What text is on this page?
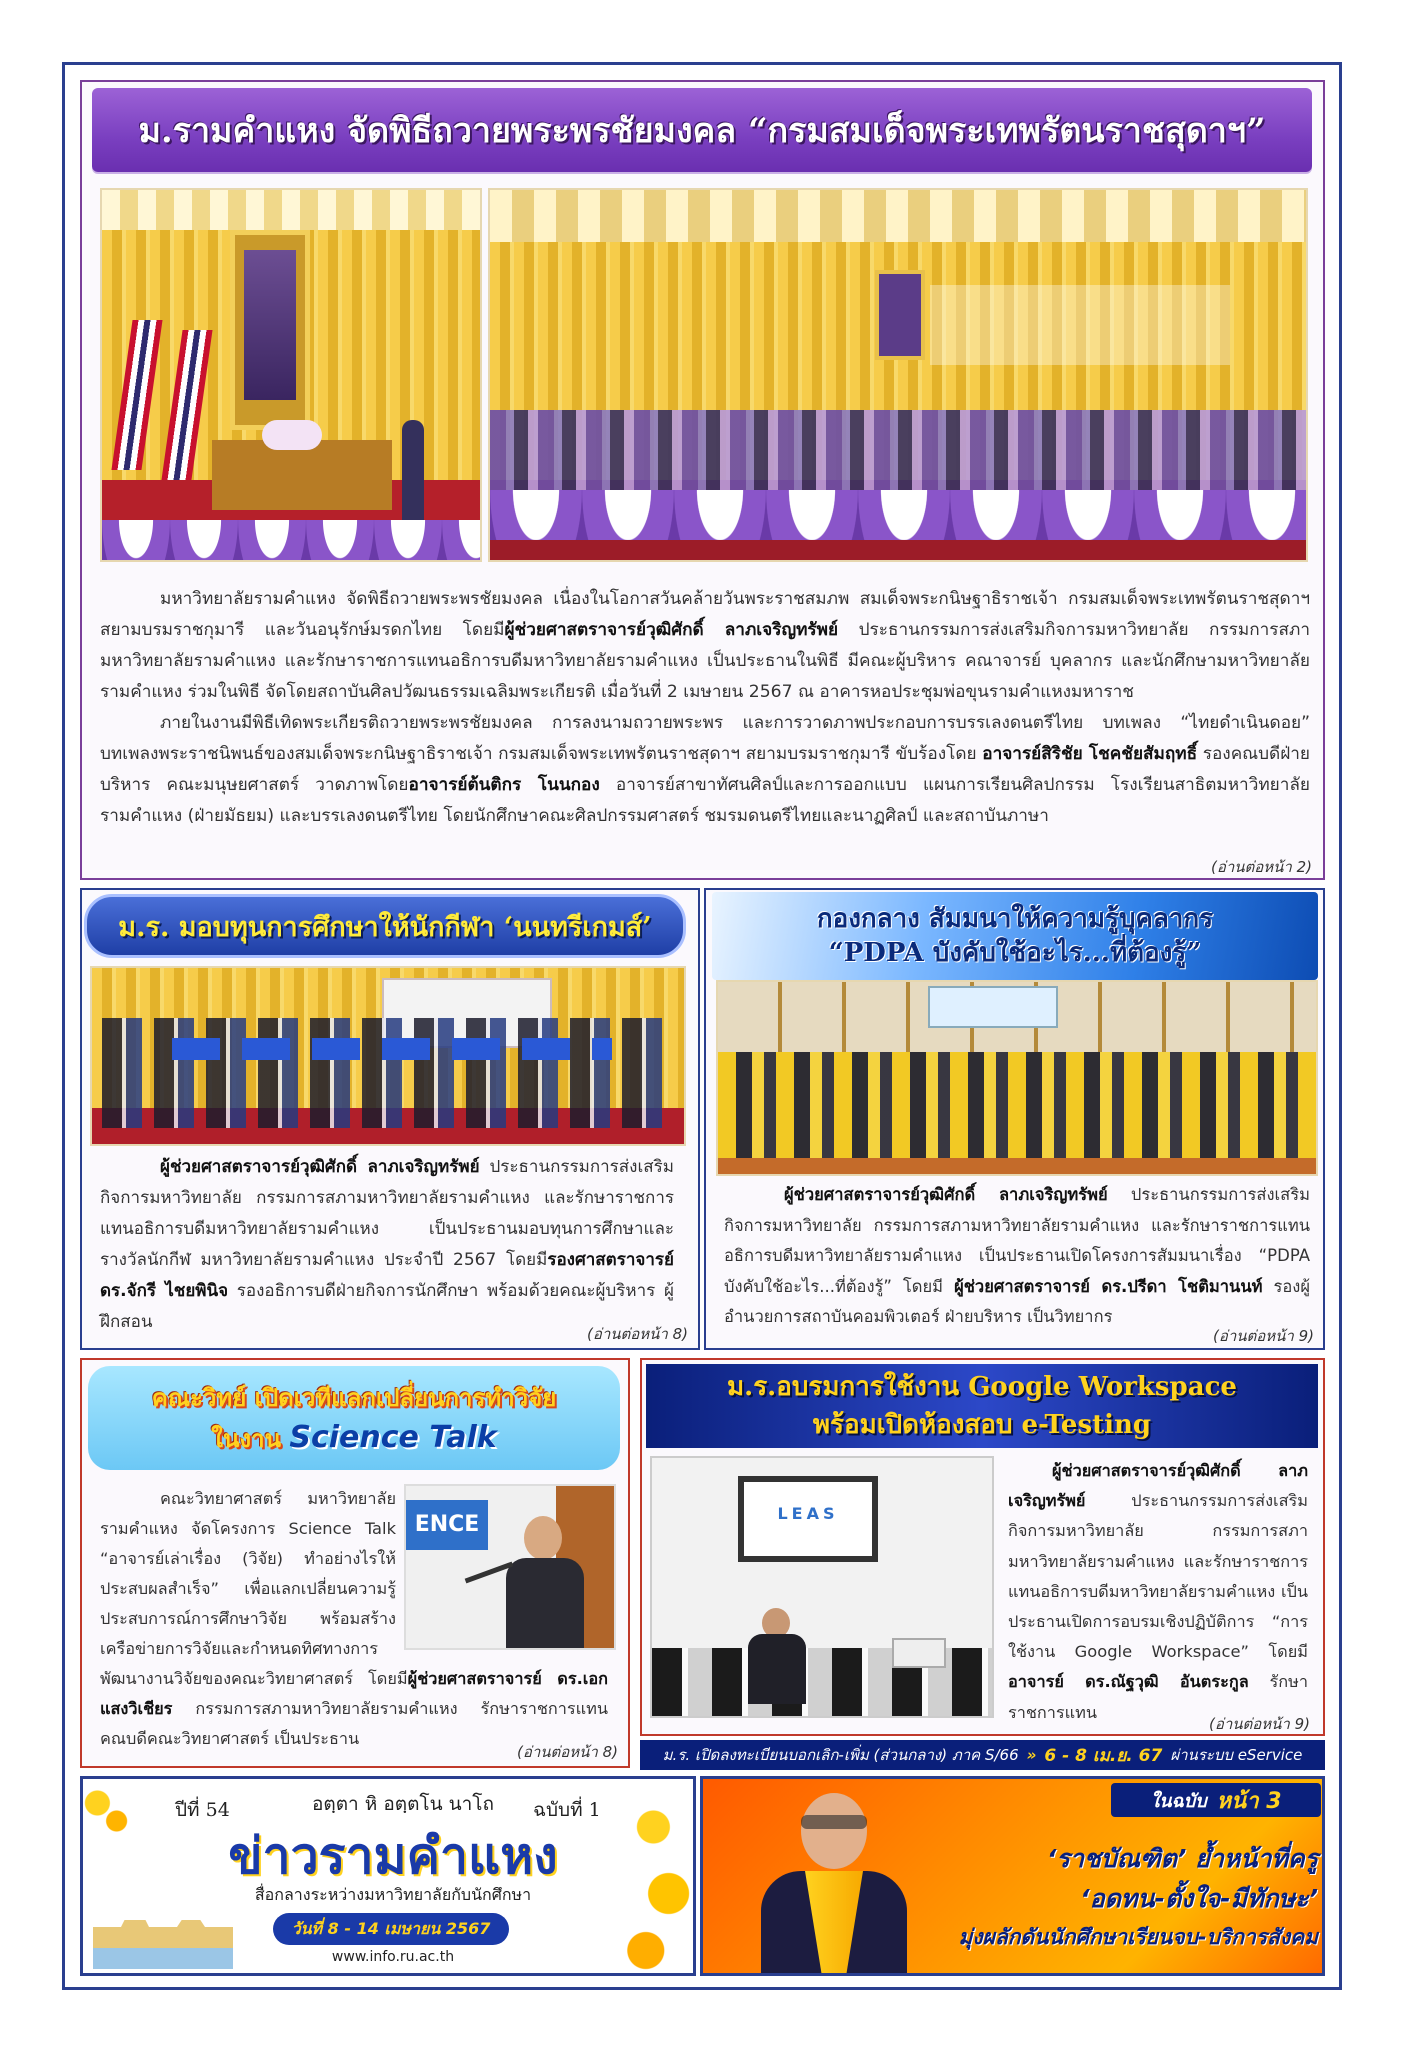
ม.รามคำแหง จัดพิธีถวายพระพรชัยมงคล “กรมสมเด็จพระเทพรัตนราชสุดาฯ”

มหาวิทยาลัยรามคำแหง จัดพิธีถวายพระพรชัยมงคล เนื่องในโอกาสวันคล้ายวันพระราชสมภพ สมเด็จพระกนิษฐาธิราชเจ้า กรมสมเด็จพระเทพรัตนราชสุดาฯ สยามบรมราชกุมารี และวันอนุรักษ์มรดกไทย โดยมีผู้ช่วยศาสตราจารย์วุฒิศักดิ์ ลาภเจริญทรัพย์ ประธานกรรมการส่งเสริมกิจการมหาวิทยาลัย กรรมการสภามหาวิทยาลัยรามคำแหง และรักษาราชการแทนอธิการบดีมหาวิทยาลัยรามคำแหง เป็นประธานในพิธี มีคณะผู้บริหาร คณาจารย์ บุคลากร และนักศึกษามหาวิทยาลัยรามคำแหง ร่วมในพิธี จัดโดยสถาบันศิลปวัฒนธรรมเฉลิมพระเกียรติ เมื่อวันที่ 2 เมษายน 2567 ณ อาคารหอประชุมพ่อขุนรามคำแหงมหาราช

ภายในงานมีพิธีเทิดพระเกียรติถวายพระพรชัยมงคล การลงนามถวายพระพร และการวาดภาพประกอบการบรรเลงดนตรีไทย บทเพลง “ไทยดำเนินดอย” บทเพลงพระราชนิพนธ์ของสมเด็จพระกนิษฐาธิราชเจ้า กรมสมเด็จพระเทพรัตนราชสุดาฯ สยามบรมราชกุมารี ขับร้องโดย อาจารย์สิริชัย โชคชัยสัมฤทธิ์ รองคณบดีฝ่ายบริหาร คณะมนุษยศาสตร์ วาดภาพโดยอาจารย์ต้นติกร โนนกอง อาจารย์สาขาทัศนศิลป์และการออกแบบ แผนการเรียนศิลปกรรม โรงเรียนสาธิตมหาวิทยาลัยรามคำแหง (ฝ่ายมัธยม) และบรรเลงดนตรีไทย โดยนักศึกษาคณะศิลปกรรมศาสตร์ ชมรมดนตรีไทยและนาฏศิลป์ และสถาบันภาษา

(อ่านต่อหน้า 2)
ม.ร. มอบทุนการศึกษาให้นักกีฬา ‘นนทรีเกมส์’

ผู้ช่วยศาสตราจารย์วุฒิศักดิ์ ลาภเจริญทรัพย์ ประธานกรรมการส่งเสริมกิจการมหาวิทยาลัย กรรมการสภามหาวิทยาลัยรามคำแหง และรักษาราชการแทนอธิการบดีมหาวิทยาลัยรามคำแหง เป็นประธานมอบทุนการศึกษาและรางวัลนักกีฬ มหาวิทยาลัยรามคำแหง ประจำปี 2567 โดยมีรองศาสตราจารย์ ดร.จักรี ไชยพินิจ รองอธิการบดีฝ่ายกิจการนักศึกษา พร้อมด้วยคณะผู้บริหาร ผู้ฝึกสอน

(อ่านต่อหน้า 8)
กองกลาง สัมมนาให้ความรู้บุคลากร
“PDPA บังคับใช้อะไร...ที่ต้องรู้”

ผู้ช่วยศาสตราจารย์วุฒิศักดิ์ ลาภเจริญทรัพย์ ประธานกรรมการส่งเสริมกิจการมหาวิทยาลัย กรรมการสภามหาวิทยาลัยรามคำแหง และรักษาราชการแทนอธิการบดีมหาวิทยาลัยรามคำแหง เป็นประธานเปิดโครงการสัมมนาเรื่อง “PDPA บังคับใช้อะไร...ที่ต้องรู้” โดยมี ผู้ช่วยศาสตราจารย์ ดร.ปรีดา โชติมานนท์ รองผู้อำนวยการสถาบันคอมพิวเตอร์ ฝ่ายบริหาร เป็นวิทยากร

(อ่านต่อหน้า 9)
คณะวิทย์ เปิดเวทีแลกเปลี่ยนการทำวิจัย
ในงาน Science Talk
ENCE

คณะวิทยาศาสตร์ มหาวิทยาลัยรามคำแหง จัดโครงการ Science Talk “อาจารย์เล่าเรื่อง (วิจัย) ทำอย่างไรให้ประสบผลสำเร็จ” เพื่อแลกเปลี่ยนความรู้ ประสบการณ์การศึกษาวิจัย พร้อมสร้างเครือข่ายการวิจัยและกำหนดทิศทางการพัฒนางานวิจัยของคณะวิทยาศาสตร์ โดยมีผู้ช่วยศาสตราจารย์ ดร.เอก แสงวิเชียร กรรมการสภามหาวิทยาลัยรามคำแหง รักษาราชการแทนคณบดีคณะวิทยาศาสตร์ เป็นประธาน

(อ่านต่อหน้า 8)
ม.ร.อบรมการใช้งาน Google Workspace
พร้อมเปิดห้องสอบ e-Testing
LEAS

ผู้ช่วยศาสตราจารย์วุฒิศักดิ์ ลาภเจริญทรัพย์ ประธานกรรมการส่งเสริมกิจการมหาวิทยาลัย กรรมการสภามหาวิทยาลัยรามคำแหง และรักษาราชการแทนอธิการบดีมหาวิทยาลัยรามคำแหง เป็นประธานเปิดการอบรมเชิงปฏิบัติการ “การใช้งาน Google Workspace” โดยมี อาจารย์ ดร.ณัฐวุฒิ อันตระกูล รักษาราชการแทน

(อ่านต่อหน้า 9)
ม.ร. เปิดลงทะเบียนบอกเลิก-เพิ่ม (ส่วนกลาง) ภาค S/66 » 6 - 8 เม.ย. 67 ผ่านระบบ eService
ปีที่ 54	อตฺตา หิ อตฺตโน นาโถ	ฉบับที่ 1
ข่าวรามคำแหง
สื่อกลางระหว่างมหาวิทยาลัยกับนักศึกษา
วันที่ 8 - 14 เมษายน 2567
www.info.ru.ac.th
ในฉบับ หน้า 3
‘ราชบัณฑิต’ ย้ำหน้าที่ครู
‘อดทน-ตั้งใจ-มีทักษะ’
มุ่งผลักดันนักศึกษาเรียนจบ-บริการสังคม
